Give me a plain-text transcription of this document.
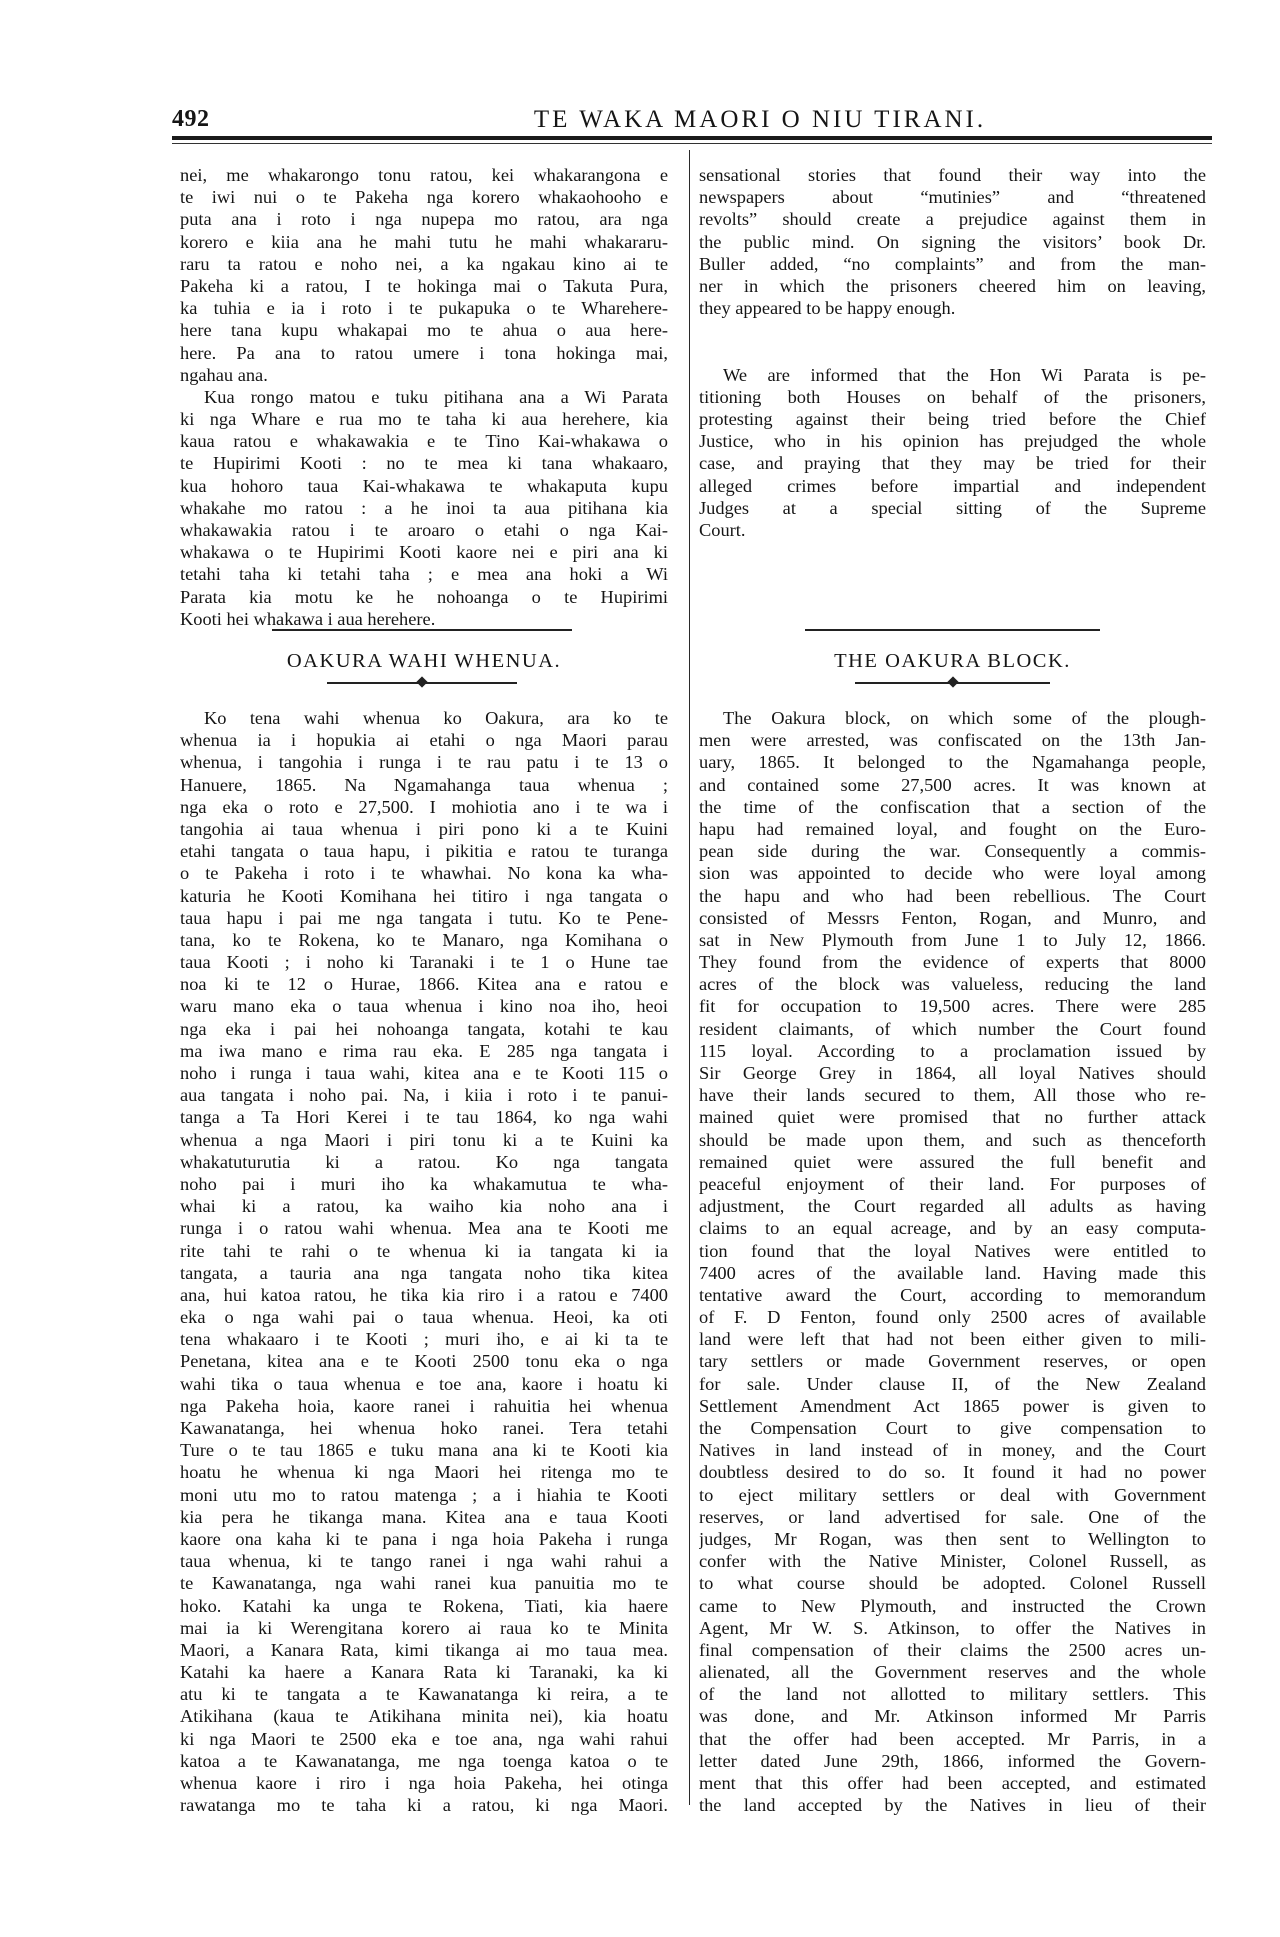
492	TE WAKA MAORI O NIU TIRANI.
nei, me whakarongo tonu ratou, kei whakarangona e
te iwi nui o te Pakeha nga korero whakaohooho e
puta ana i roto i nga nupepa mo ratou, ara nga
korero e kiia ana he mahi tutu he mahi whakararu-
raru ta ratou e noho nei, a ka ngakau kino ai te
Pakeha ki a ratou, I te hokinga mai o Takuta Pura,
ka tuhia e ia i roto i te pukapuka o te Wharehere-
here tana kupu whakapai mo te ahua o aua here-
here. Pa ana to ratou umere i tona hokinga mai,
ngahau ana.
Kua rongo matou e tuku pitihana ana a Wi Parata
ki nga Whare e rua mo te taha ki aua herehere, kia
kaua ratou e whakawakia e te Tino Kai-whakawa o
te Hupirimi Kooti : no te mea ki tana whakaaro,
kua hohoro taua Kai-whakawa te whakaputa kupu
whakahe mo ratou : a he inoi ta aua pitihana kia
whakawakia ratou i te aroaro o etahi o nga Kai-
whakawa o te Hupirimi Kooti kaore nei e piri ana ki
tetahi taha ki tetahi taha ; e mea ana hoki a Wi
Parata kia motu ke he nohoanga o te Hupirimi
Kooti hei whakawa i aua herehere.
sensational stories that found their way into the
newspapers about “mutinies” and “threatened
revolts” should create a prejudice against them in
the public mind. On signing the visitors’ book Dr.
Buller added, “no complaints” and from the man-
ner in which the prisoners cheered him on leaving,
they appeared to be happy enough.
We are informed that the Hon Wi Parata is pe-
titioning both Houses on behalf of the prisoners,
protesting against their being tried before the Chief
Justice, who in his opinion has prejudged the whole
case, and praying that they may be tried for their
alleged crimes before impartial and independent
Judges at a special sitting of the Supreme
Court.
OAKURA WAHI WHENUA.
Ko tena wahi whenua ko Oakura, ara ko te
whenua ia i hopukia ai etahi o nga Maori parau
whenua, i tangohia i runga i te rau patu i te 13 o
Hanuere, 1865. Na Ngamahanga taua whenua ;
nga eka o roto e 27,500. I mohiotia ano i te wa i
tangohia ai taua whenua i piri pono ki a te Kuini
etahi tangata o taua hapu, i pikitia e ratou te turanga
o te Pakeha i roto i te whawhai. No kona ka wha-
katuria he Kooti Komihana hei titiro i nga tangata o
taua hapu i pai me nga tangata i tutu. Ko te Pene-
tana, ko te Rokena, ko te Manaro, nga Komihana o
taua Kooti ; i noho ki Taranaki i te 1 o Hune tae
noa ki te 12 o Hurae, 1866. Kitea ana e ratou e
waru mano eka o taua whenua i kino noa iho, heoi
nga eka i pai hei nohoanga tangata, kotahi te kau
ma iwa mano e rima rau eka. E 285 nga tangata i
noho i runga i taua wahi, kitea ana e te Kooti 115 o
aua tangata i noho pai. Na, i kiia i roto i te panui-
tanga a Ta Hori Kerei i te tau 1864, ko nga wahi
whenua a nga Maori i piri tonu ki a te Kuini ka
whakatuturutia ki a ratou. Ko nga tangata
noho pai i muri iho ka whakamutua te wha-
whai ki a ratou, ka waiho kia noho ana i
runga i o ratou wahi whenua. Mea ana te Kooti me
rite tahi te rahi o te whenua ki ia tangata ki ia
tangata, a tauria ana nga tangata noho tika kitea
ana, hui katoa ratou, he tika kia riro i a ratou e 7400
eka o nga wahi pai o taua whenua. Heoi, ka oti
tena whakaaro i te Kooti ; muri iho, e ai ki ta te
Penetana, kitea ana e te Kooti 2500 tonu eka o nga
wahi tika o taua whenua e toe ana, kaore i hoatu ki
nga Pakeha hoia, kaore ranei i rahuitia hei whenua
Kawanatanga, hei whenua hoko ranei. Tera tetahi
Ture o te tau 1865 e tuku mana ana ki te Kooti kia
hoatu he whenua ki nga Maori hei ritenga mo te
moni utu mo to ratou matenga ; a i hiahia te Kooti
kia pera he tikanga mana. Kitea ana e taua Kooti
kaore ona kaha ki te pana i nga hoia Pakeha i runga
taua whenua, ki te tango ranei i nga wahi rahui a
te Kawanatanga, nga wahi ranei kua panuitia mo te
hoko. Katahi ka unga te Rokena, Tiati, kia haere
mai ia ki Werengitana korero ai raua ko te Minita
Maori, a Kanara Rata, kimi tikanga ai mo taua mea.
Katahi ka haere a Kanara Rata ki Taranaki, ka ki
atu ki te tangata a te Kawanatanga ki reira, a te
Atikihana (kaua te Atikihana minita nei), kia hoatu
ki nga Maori te 2500 eka e toe ana, nga wahi rahui
katoa a te Kawanatanga, me nga toenga katoa o te
whenua kaore i riro i nga hoia Pakeha, hei otinga
rawatanga mo te taha ki a ratou, ki nga Maori.
THE OAKURA BLOCK.
The Oakura block, on which some of the plough-
men were arrested, was confiscated on the 13th Jan-
uary, 1865. It belonged to the Ngamahanga people,
and contained some 27,500 acres. It was known at
the time of the confiscation that a section of the
hapu had remained loyal, and fought on the Euro-
pean side during the war. Consequently a commis-
sion was appointed to decide who were loyal among
the hapu and who had been rebellious. The Court
consisted of Messrs Fenton, Rogan, and Munro, and
sat in New Plymouth from June 1 to July 12, 1866.
They found from the evidence of experts that 8000
acres of the block was valueless, reducing the land
fit for occupation to 19,500 acres. There were 285
resident claimants, of which number the Court found
115 loyal. According to a proclamation issued by
Sir George Grey in 1864, all loyal Natives should
have their lands secured to them, All those who re-
mained quiet were promised that no further attack
should be made upon them, and such as thenceforth
remained quiet were assured the full benefit and
peaceful enjoyment of their land. For purposes of
adjustment, the Court regarded all adults as having
claims to an equal acreage, and by an easy computa-
tion found that the loyal Natives were entitled to
7400 acres of the available land. Having made this
tentative award the Court, according to memorandum
of F. D Fenton, found only 2500 acres of available
land were left that had not been either given to mili-
tary settlers or made Government reserves, or open
for sale. Under clause II, of the New Zealand
Settlement Amendment Act 1865 power is given to
the Compensation Court to give compensation to
Natives in land instead of in money, and the Court
doubtless desired to do so. It found it had no power
to eject military settlers or deal with Government
reserves, or land advertised for sale. One of the
judges, Mr Rogan, was then sent to Wellington to
confer with the Native Minister, Colonel Russell, as
to what course should be adopted. Colonel Russell
came to New Plymouth, and instructed the Crown
Agent, Mr W. S. Atkinson, to offer the Natives in
final compensation of their claims the 2500 acres un-
alienated, all the Government reserves and the whole
of the land not allotted to military settlers. This
was done, and Mr. Atkinson informed Mr Parris
that the offer had been accepted. Mr Parris, in a
letter dated June 29th, 1866, informed the Govern-
ment that this offer had been accepted, and estimated
the land accepted by the Natives in lieu of their
